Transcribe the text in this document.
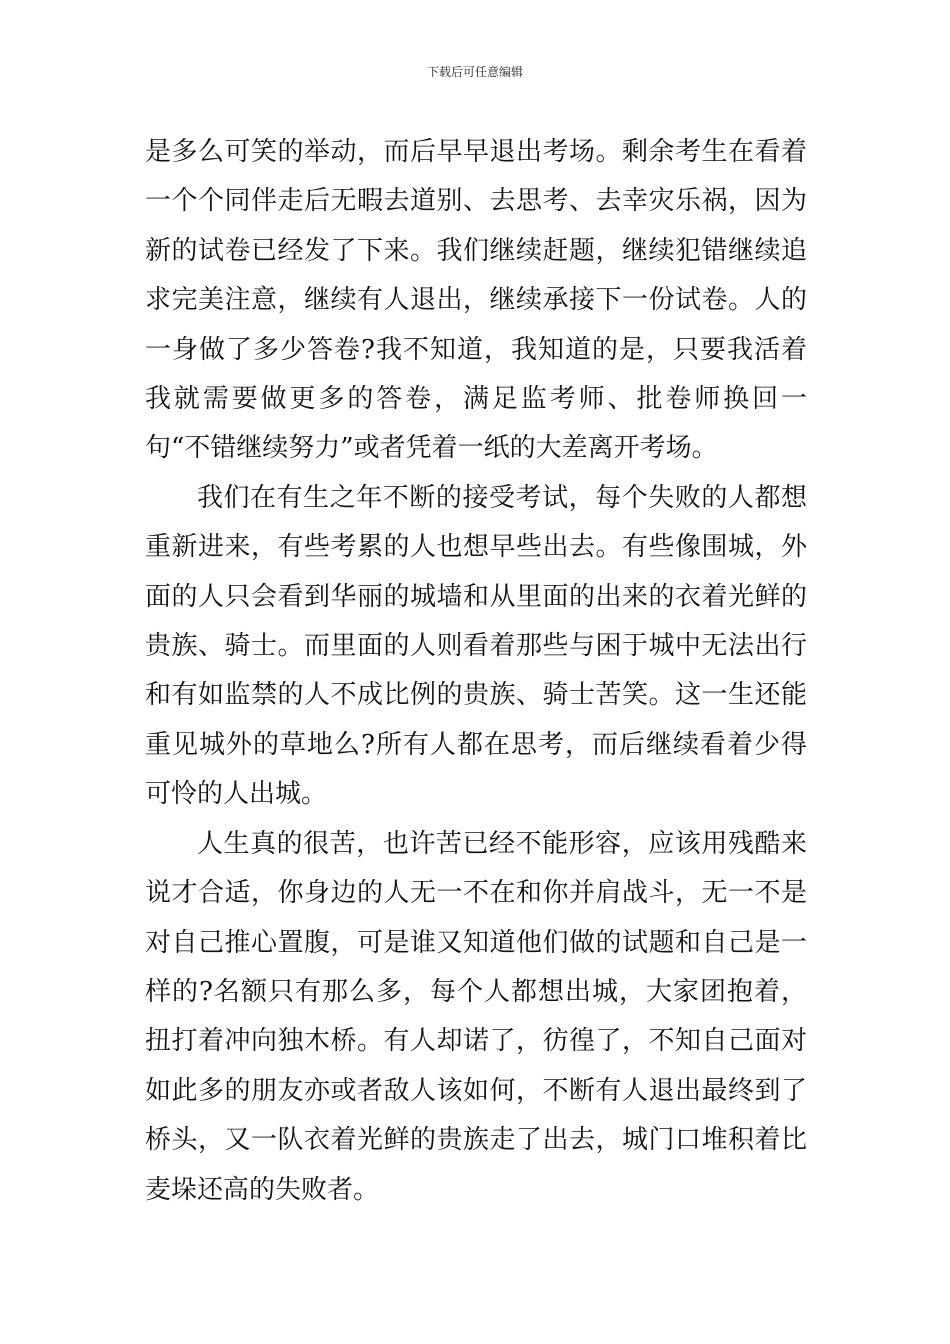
下载后可任意编辑

是多么可笑的举动，而后早早退出考场。剩余考生在看着一个个同伴走后无暇去道别、去思考、去幸灾乐祸，因为新的试卷已经发了下来。我们继续赶题，继续犯错继续追求完美注意，继续有人退出，继续承接下一份试卷。人的一身做了多少答卷?我不知道，我知道的是，只要我活着我就需要做更多的答卷，满足监考师、批卷师换回一句“不错继续努力”或者凭着一纸的大差离开考场。

我们在有生之年不断的接受考试，每个失败的人都想重新进来，有些考累的人也想早些出去。有些像围城，外面的人只会看到华丽的城墙和从里面的出来的衣着光鲜的贵族、骑士。而里面的人则看着那些与困于城中无法出行和有如监禁的人不成比例的贵族、骑士苦笑。这一生还能重见城外的草地么?所有人都在思考，而后继续看着少得可怜的人出城。

人生真的很苦，也许苦已经不能形容，应该用残酷来说才合适，你身边的人无一不在和你并肩战斗，无一不是对自己推心置腹，可是谁又知道他们做的试题和自己是一样的?名额只有那么多，每个人都想出城，大家团抱着，扭打着冲向独木桥。有人却诺了，彷徨了，不知自己面对如此多的朋友亦或者敌人该如何，不断有人退出最终到了桥头，又一队衣着光鲜的贵族走了出去，城门口堆积着比麦垛还高的失败者。
